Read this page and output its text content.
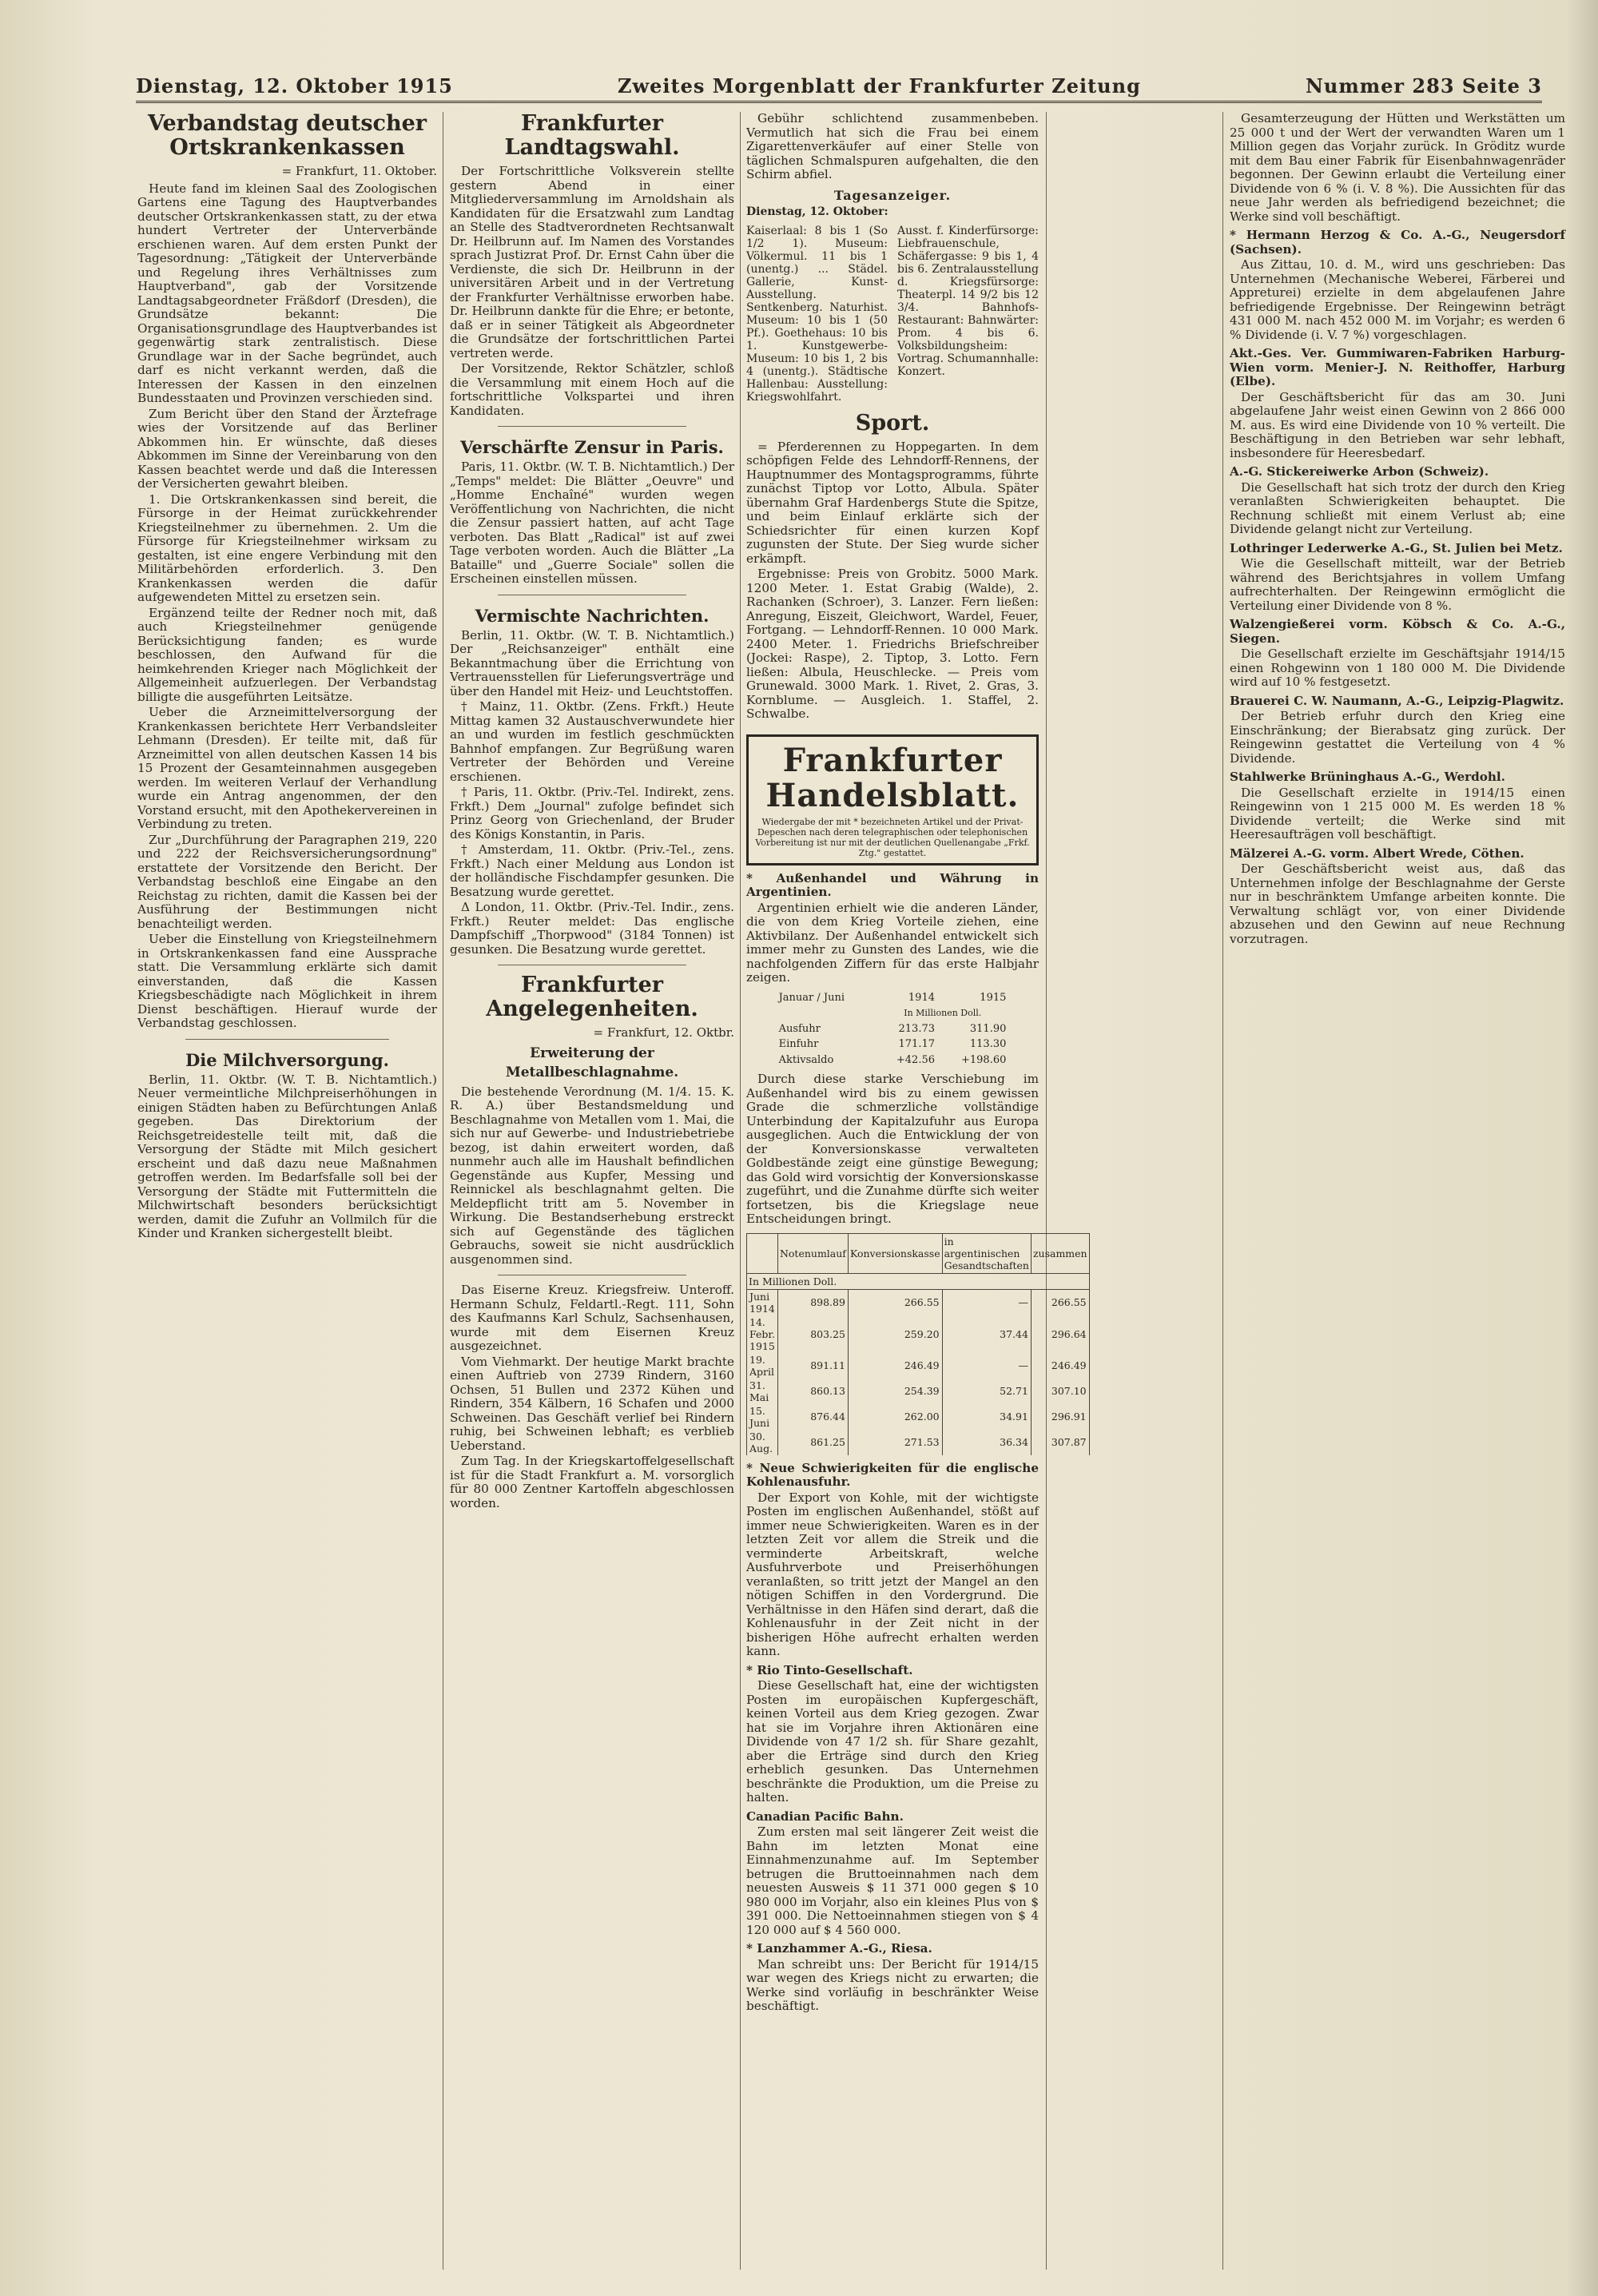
Dienstag, 12. Oktober 1915	Zweites Morgenblatt der Frankfurter Zeitung	Nummer 283 Seite 3
Verbandstag deutscher Ortskrankenkassen
= Frankfurt, 11. Oktober.

Heute fand im kleinen Saal des Zoologischen Gartens eine Tagung des Hauptverbandes deutscher Ortskrankenkassen statt, zu der etwa hundert Vertreter der Unterverbände erschienen waren. Auf dem ersten Punkt der Tagesordnung: „Tätigkeit der Unterverbände und Regelung ihres Verhältnisses zum Hauptverband", gab der Vorsitzende Landtagsabgeordneter Fräßdorf (Dresden), die Grundsätze bekannt: Die Organisationsgrundlage des Hauptverbandes ist gegenwärtig stark zentralistisch. Diese Grundlage war in der Sache begründet, auch darf es nicht verkannt werden, daß die Interessen der Kassen in den einzelnen Bundesstaaten und Provinzen verschieden sind.

Zum Bericht über den Stand der Ärztefrage wies der Vorsitzende auf das Berliner Abkommen hin. Er wünschte, daß dieses Abkommen im Sinne der Vereinbarung von den Kassen beachtet werde und daß die Interessen der Versicherten gewahrt bleiben.

1. Die Ortskrankenkassen sind bereit, die Fürsorge in der Heimat zurückkehrender Kriegsteilnehmer zu übernehmen. 2. Um die Fürsorge für Kriegsteilnehmer wirksam zu gestalten, ist eine engere Verbindung mit den Militärbehörden erforderlich. 3. Den Krankenkassen werden die dafür aufgewendeten Mittel zu ersetzen sein.

Ergänzend teilte der Redner noch mit, daß auch Kriegsteilnehmer genügende Berücksichtigung fanden; es wurde beschlossen, den Aufwand für die heimkehrenden Krieger nach Möglichkeit der Allgemeinheit aufzuerlegen. Der Verbandstag billigte die ausgeführten Leitsätze.

Ueber die Arzneimittelversorgung der Krankenkassen berichtete Herr Verbandsleiter Lehmann (Dresden). Er teilte mit, daß für Arzneimittel von allen deutschen Kassen 14 bis 15 Prozent der Gesamteinnahmen ausgegeben werden. Im weiteren Verlauf der Verhandlung wurde ein Antrag angenommen, der den Vorstand ersucht, mit den Apothekervereinen in Verbindung zu treten.

Zur „Durchführung der Paragraphen 219, 220 und 222 der Reichsversicherungsordnung" erstattete der Vorsitzende den Bericht. Der Verbandstag beschloß eine Eingabe an den Reichstag zu richten, damit die Kassen bei der Ausführung der Bestimmungen nicht benachteiligt werden.

Ueber die Einstellung von Kriegsteilnehmern in Ortskrankenkassen fand eine Aussprache statt. Die Versammlung erklärte sich damit einverstanden, daß die Kassen Kriegsbeschädigte nach Möglichkeit in ihrem Dienst beschäftigen. Hierauf wurde der Verbandstag geschlossen.

Die Milchversorgung.

Berlin, 11. Oktbr. (W. T. B. Nichtamtlich.) Neuer vermeintliche Milchpreiserhöhungen in einigen Städten haben zu Befürchtungen Anlaß gegeben. Das Direktorium der Reichsgetreidestelle teilt mit, daß die Versorgung der Städte mit Milch gesichert erscheint und daß dazu neue Maßnahmen getroffen werden. Im Bedarfsfalle soll bei der Versorgung der Städte mit Futtermitteln die Milchwirtschaft besonders berücksichtigt werden, damit die Zufuhr an Vollmilch für die Kinder und Kranken sichergestellt bleibt.

Frankfurter Landtagswahl.

Der Fortschrittliche Volksverein stellte gestern Abend in einer Mitgliederversammlung im Arnoldshain als Kandidaten für die Ersatzwahl zum Landtag an Stelle des Stadtverordneten Rechtsanwalt Dr. Heilbrunn auf. Im Namen des Vorstandes sprach Justizrat Prof. Dr. Ernst Cahn über die Verdienste, die sich Dr. Heilbrunn in der universitären Arbeit und in der Vertretung der Frankfurter Verhältnisse erworben habe. Dr. Heilbrunn dankte für die Ehre; er betonte, daß er in seiner Tätigkeit als Abgeordneter die Grundsätze der fortschrittlichen Partei vertreten werde.

Der Vorsitzende, Rektor Schätzler, schloß die Versammlung mit einem Hoch auf die fortschrittliche Volkspartei und ihren Kandidaten.

Verschärfte Zensur in Paris.

Paris, 11. Oktbr. (W. T. B. Nichtamtlich.) Der „Temps" meldet: Die Blätter „Oeuvre" und „Homme Enchaîné" wurden wegen Veröffentlichung von Nachrichten, die nicht die Zensur passiert hatten, auf acht Tage verboten. Das Blatt „Radical" ist auf zwei Tage verboten worden. Auch die Blätter „La Bataille" und „Guerre Sociale" sollen die Erscheinen einstellen müssen.

Vermischte Nachrichten.

Berlin, 11. Oktbr. (W. T. B. Nichtamtlich.) Der „Reichsanzeiger" enthält eine Bekanntmachung über die Errichtung von Vertrauensstellen für Lieferungsverträge und über den Handel mit Heiz- und Leuchtstoffen.

† Mainz, 11. Oktbr. (Zens. Frkft.) Heute Mittag kamen 32 Austauschverwundete hier an und wurden im festlich geschmückten Bahnhof empfangen. Zur Begrüßung waren Vertreter der Behörden und Vereine erschienen.

† Paris, 11. Oktbr. (Priv.-Tel. Indirekt, zens. Frkft.) Dem „Journal" zufolge befindet sich Prinz Georg von Griechenland, der Bruder des Königs Konstantin, in Paris.

† Amsterdam, 11. Oktbr. (Priv.-Tel., zens. Frkft.) Nach einer Meldung aus London ist der holländische Fischdampfer gesunken. Die Besatzung wurde gerettet.

Δ London, 11. Oktbr. (Priv.-Tel. Indir., zens. Frkft.) Reuter meldet: Das englische Dampfschiff „Thorpwood" (3184 Tonnen) ist gesunken. Die Besatzung wurde gerettet.

Frankfurter Angelegenheiten.
= Frankfurt, 12. Oktbr.
Erweiterung der Metallbeschlagnahme.

Die bestehende Verordnung (M. 1/4. 15. K. R. A.) über Bestandsmeldung und Beschlagnahme von Metallen vom 1. Mai, die sich nur auf Gewerbe- und Industriebetriebe bezog, ist dahin erweitert worden, daß nunmehr auch alle im Haushalt befindlichen Gegenstände aus Kupfer, Messing und Reinnickel als beschlagnahmt gelten. Die Meldepflicht tritt am 5. November in Wirkung. Die Bestandserhebung erstreckt sich auf Gegenstände des täglichen Gebrauchs, soweit sie nicht ausdrücklich ausgenommen sind.

Das Eiserne Kreuz. Kriegsfreiw. Unteroff. Hermann Schulz, Feldartl.-Regt. 111, Sohn des Kaufmanns Karl Schulz, Sachsenhausen, wurde mit dem Eisernen Kreuz ausgezeichnet.

Vom Viehmarkt. Der heutige Markt brachte einen Auftrieb von 2739 Rindern, 3160 Ochsen, 51 Bullen und 2372 Kühen und Rindern, 354 Kälbern, 16 Schafen und 2000 Schweinen. Das Geschäft verlief bei Rindern ruhig, bei Schweinen lebhaft; es verblieb Ueberstand.

Zum Tag. In der Kriegskartoffelgesellschaft ist für die Stadt Frankfurt a. M. vorsorglich für 80 000 Zentner Kartoffeln abgeschlossen worden.

Gebühr schlichtend zusammenbeben. Vermutlich hat sich die Frau bei einem Zigarettenverkäufer auf einer Stelle von täglichen Schmalspuren aufgehalten, die den Schirm abfiel.

Tagesanzeiger.
Dienstag, 12. Oktober:
Kaiserlaal: 8 bis 1 (So 1/2 1). Museum: Völkermul. 11 bis 1 (unentg.) ... Städel. Gallerie, Kunst-Ausstellung. Sentkenberg. Naturhist. Museum: 10 bis 1 (50 Pf.). Goethehaus: 10 bis 1. Kunstgewerbe-Museum: 10 bis 1, 2 bis 4 (unentg.). Städtische Hallenbau: Ausstellung: Kriegswohlfahrt.
Ausst. f. Kinderfürsorge: Liebfrauenschule, Schäfergasse: 9 bis 1, 4 bis 6. Zentralausstellung d. Kriegsfürsorge: Theaterpl. 14 9/2 bis 12 3/4. Bahnhofs-Restaurant: Bahnwärter: Prom. 4 bis 6. Volksbildungsheim: Vortrag. Schumannhalle: Konzert.
Sport.

= Pferderennen zu Hoppegarten. In dem schöpfigen Felde des Lehndorff-Rennens, der Hauptnummer des Montagsprogramms, führte zunächst Tiptop vor Lotto, Albula. Später übernahm Graf Hardenbergs Stute die Spitze, und beim Einlauf erklärte sich der Schiedsrichter für einen kurzen Kopf zugunsten der Stute. Der Sieg wurde sicher erkämpft.

Ergebnisse: Preis von Grobitz. 5000 Mark. 1200 Meter. 1. Estat Grabig (Walde), 2. Rachanken (Schroer), 3. Lanzer. Fern ließen: Anregung, Eiszeit, Gleichwort, Wardel, Feuer, Fortgang. — Lehndorff-Rennen. 10 000 Mark. 2400 Meter. 1. Friedrichs Briefschreiber (Jockei: Raspe), 2. Tiptop, 3. Lotto. Fern ließen: Albula, Heuschlecke. — Preis vom Grunewald. 3000 Mark. 1. Rivet, 2. Gras, 3. Kornblume. — Ausgleich. 1. Staffel, 2. Schwalbe.

Frankfurter Handelsblatt.
Wiedergabe der mit * bezeichneten Artikel und der Privat-Depeschen nach deren telegraphischen oder telephonischen Vorbereitung ist nur mit der deutlichen Quellenangabe „Frkf. Ztg." gestattet.

* Außenhandel und Währung in Argentinien.

Argentinien erhielt wie die anderen Länder, die von dem Krieg Vorteile ziehen, eine Aktivbilanz. Der Außenhandel entwickelt sich immer mehr zu Gunsten des Landes, wie die nachfolgenden Ziffern für das erste Halbjahr zeigen.

Januar / Juni	1914	1915
	In Millionen Doll.	
Ausfuhr	213.73	311.90
Einfuhr	171.17	113.30
Aktivsaldo	+42.56	+198.60

Durch diese starke Verschiebung im Außenhandel wird bis zu einem gewissen Grade die schmerzliche vollständige Unterbindung der Kapitalzufuhr aus Europa ausgeglichen. Auch die Entwicklung der von der Konversionskasse verwalteten Goldbestände zeigt eine günstige Bewegung; das Gold wird vorsichtig der Konversionskasse zugeführt, und die Zunahme dürfte sich weiter fortsetzen, bis die Kriegslage neue Entscheidungen bringt.

	Notenumlauf	Konversionskasse	in argentinischen Gesandtschaften	zusammen
In Millionen Doll.				
Juni 1914	898.89	266.55	—	266.55
14. Febr. 1915	803.25	259.20	37.44	296.64
19. April	891.11	246.49	—	246.49
31. Mai	860.13	254.39	52.71	307.10
15. Juni	876.44	262.00	34.91	296.91
30. Aug.	861.25	271.53	36.34	307.87

* Neue Schwierigkeiten für die englische Kohlenausfuhr.

Der Export von Kohle, mit der wichtigste Posten im englischen Außenhandel, stößt auf immer neue Schwierigkeiten. Waren es in der letzten Zeit vor allem die Streik und die verminderte Arbeitskraft, welche Ausfuhrverbote und Preiserhöhungen veranlaßten, so tritt jetzt der Mangel an den nötigen Schiffen in den Vordergrund. Die Verhältnisse in den Häfen sind derart, daß die Kohlenausfuhr in der Zeit nicht in der bisherigen Höhe aufrecht erhalten werden kann.

* Rio Tinto-Gesellschaft.

Diese Gesellschaft hat, eine der wichtigsten Posten im europäischen Kupfergeschäft, keinen Vorteil aus dem Krieg gezogen. Zwar hat sie im Vorjahre ihren Aktionären eine Dividende von 47 1/2 sh. für Share gezahlt, aber die Erträge sind durch den Krieg erheblich gesunken. Das Unternehmen beschränkte die Produktion, um die Preise zu halten.

Canadian Pacific Bahn.

Zum ersten mal seit längerer Zeit weist die Bahn im letzten Monat eine Einnahmenzunahme auf. Im September betrugen die Bruttoeinnahmen nach dem neuesten Ausweis $ 11 371 000 gegen $ 10 980 000 im Vorjahr, also ein kleines Plus von $ 391 000. Die Nettoeinnahmen stiegen von $ 4 120 000 auf $ 4 560 000.

* Lanzhammer A.-G., Riesa.

Man schreibt uns: Der Bericht für 1914/15 war wegen des Kriegs nicht zu erwarten; die Werke sind vorläufig in beschränkter Weise beschäftigt.

Gesamterzeugung der Hütten und Werkstätten um 25 000 t und der Wert der verwandten Waren um 1 Million gegen das Vorjahr zurück. In Gröditz wurde mit dem Bau einer Fabrik für Eisenbahnwagenräder begonnen. Der Gewinn erlaubt die Verteilung einer Dividende von 6 % (i. V. 8 %). Die Aussichten für das neue Jahr werden als befriedigend bezeichnet; die Werke sind voll beschäftigt.

* Hermann Herzog & Co. A.-G., Neugersdorf (Sachsen).

Aus Zittau, 10. d. M., wird uns geschrieben: Das Unternehmen (Mechanische Weberei, Färberei und Appreturei) erzielte in dem abgelaufenen Jahre befriedigende Ergebnisse. Der Reingewinn beträgt 431 000 M. nach 452 000 M. im Vorjahr; es werden 6 % Dividende (i. V. 7 %) vorgeschlagen.

Akt.-Ges. Ver. Gummiwaren-Fabriken Harburg-Wien vorm. Menier-J. N. Reithoffer, Harburg (Elbe).

Der Geschäftsbericht für das am 30. Juni abgelaufene Jahr weist einen Gewinn von 2 866 000 M. aus. Es wird eine Dividende von 10 % verteilt. Die Beschäftigung in den Betrieben war sehr lebhaft, insbesondere für Heeresbedarf.

A.-G. Stickereiwerke Arbon (Schweiz).

Die Gesellschaft hat sich trotz der durch den Krieg veranlaßten Schwierigkeiten behauptet. Die Rechnung schließt mit einem Verlust ab; eine Dividende gelangt nicht zur Verteilung.

Lothringer Lederwerke A.-G., St. Julien bei Metz.

Wie die Gesellschaft mitteilt, war der Betrieb während des Berichtsjahres in vollem Umfang aufrechterhalten. Der Reingewinn ermöglicht die Verteilung einer Dividende von 8 %.

Walzengießerei vorm. Köbsch & Co. A.-G., Siegen.

Die Gesellschaft erzielte im Geschäftsjahr 1914/15 einen Rohgewinn von 1 180 000 M. Die Dividende wird auf 10 % festgesetzt.

Brauerei C. W. Naumann, A.-G., Leipzig-Plagwitz.

Der Betrieb erfuhr durch den Krieg eine Einschränkung; der Bierabsatz ging zurück. Der Reingewinn gestattet die Verteilung von 4 % Dividende.

Stahlwerke Brüninghaus A.-G., Werdohl.

Die Gesellschaft erzielte in 1914/15 einen Reingewinn von 1 215 000 M. Es werden 18 % Dividende verteilt; die Werke sind mit Heeresaufträgen voll beschäftigt.

Mälzerei A.-G. vorm. Albert Wrede, Cöthen.

Der Geschäftsbericht weist aus, daß das Unternehmen infolge der Beschlagnahme der Gerste nur in beschränktem Umfange arbeiten konnte. Die Verwaltung schlägt vor, von einer Dividende abzusehen und den Gewinn auf neue Rechnung vorzutragen.
